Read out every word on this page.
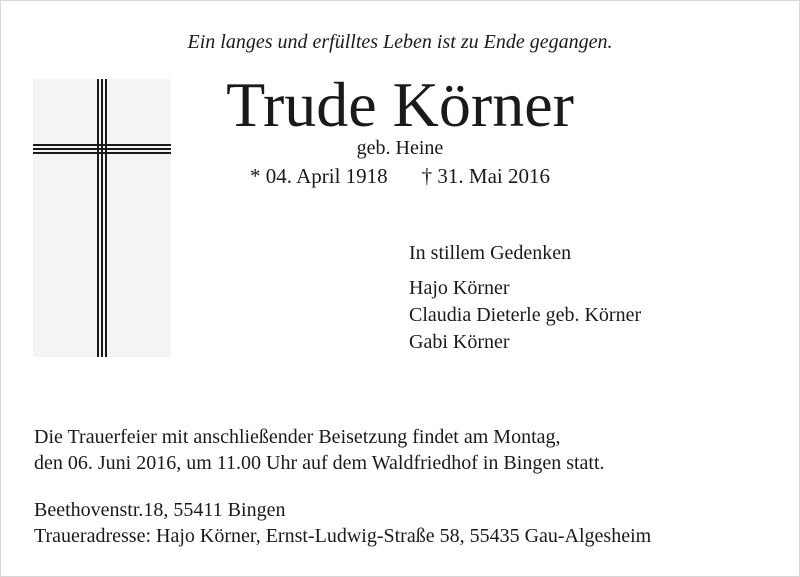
Ein langes und erfülltes Leben ist zu Ende gegangen.
Trude Körner
geb. Heine
* 04. April 1918 † 31. Mai 2016
In stillem Gedenken
Hajo Körner
Claudia Dieterle geb. Körner
Gabi Körner
Die Trauerfeier mit anschließender Beisetzung findet am Montag,
den 06. Juni 2016, um 11.00 Uhr auf dem Waldfriedhof in Bingen statt.
Beethovenstr.18, 55411 Bingen
Traueradresse: Hajo Körner, Ernst-Ludwig-Straße 58, 55435 Gau-Algesheim
